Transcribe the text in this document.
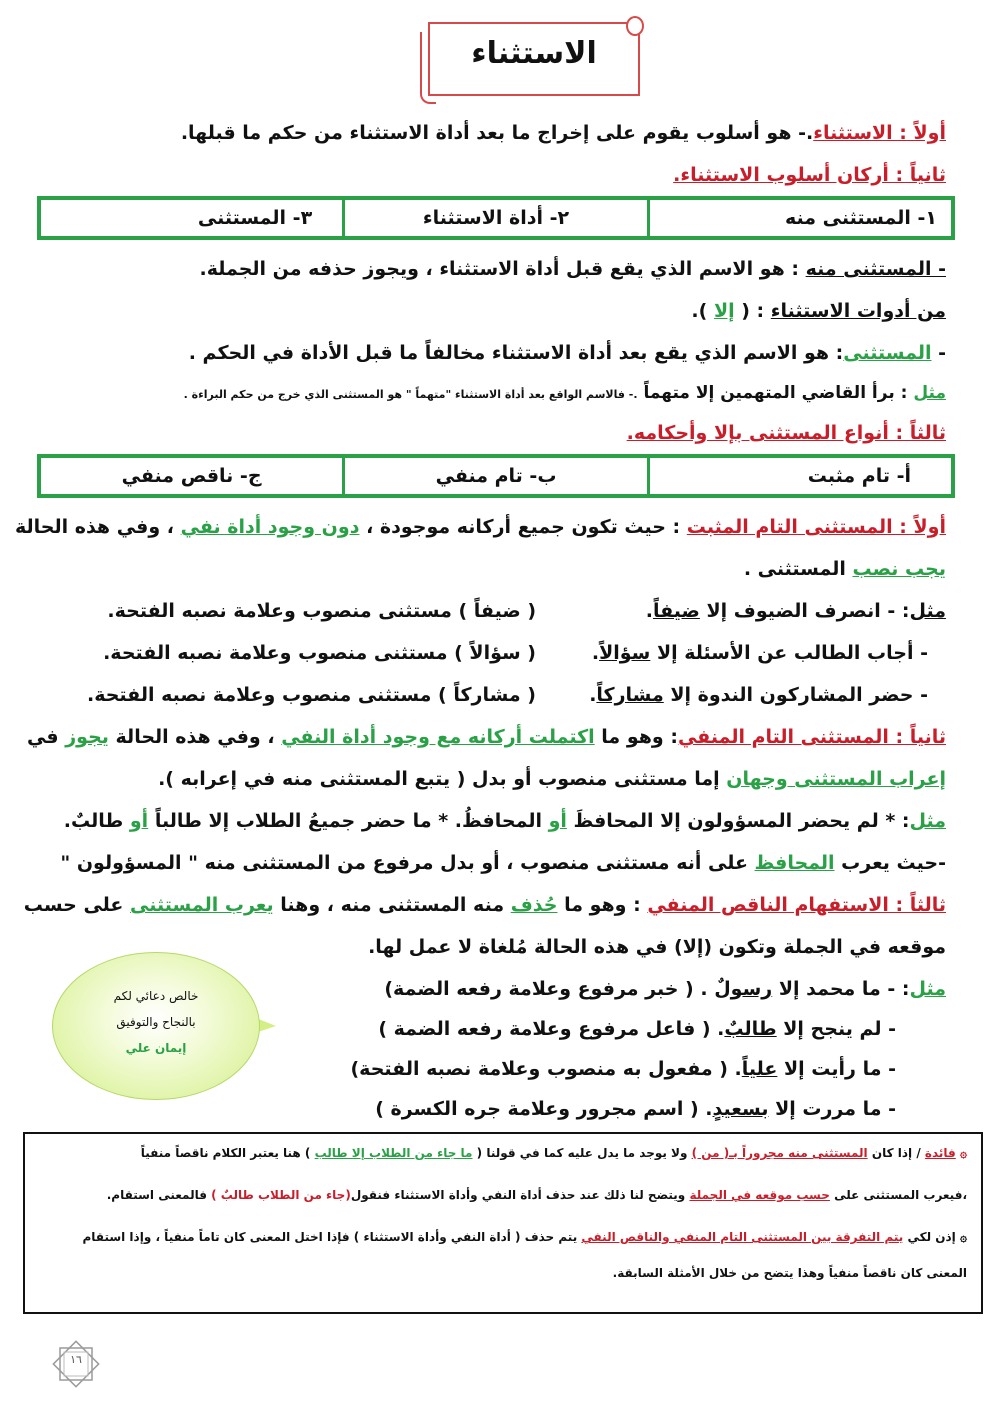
الاستثناء
أولاً : الاستثناء.- هو أسلوب يقوم على إخراج ما بعد أداة الاستثناء من حكم ما قبلها.
ثانياً : أركان أسلوب الاستثناء.
١- المستثنى منه	٢- أداة الاستثناء	٣- المستثنى
- المستثنى منه : هو الاسم الذي يقع قبل أداة الاستثناء ، ويجوز حذفه من الجملة.
من أدوات الاستثناء : ( إلا ).
- المستثنى: هو الاسم الذي يقع بعد أداة الاستثناء مخالفاً ما قبل الأداة في الحكم .
مثل : برأ القاضي المتهمين إلا متهماً .- فالاسم الواقع بعد أداة الاستثناء "متهماً " هو المستثنى الذي خرج من حكم البراءة .
ثالثاً : أنواع المستثنى بإلا وأحكامه.
أ- تام مثبت	ب- تام منفي	ج- ناقص منفي
أولاً : المستثنى التام المثبت : حيث تكون جميع أركانه موجودة ، دون وجود أداة نفي ، وفي هذه الحالة
يجب نصب المستثنى .
مثل: - انصرف الضيوف إلا ضيفاً.( ضيفاً ) مستثنى منصوب وعلامة نصبه الفتحة.
- أجاب الطالب عن الأسئلة إلا سؤالاً.( سؤالاً ) مستثنى منصوب وعلامة نصبه الفتحة.
- حضر المشاركون الندوة إلا مشاركاً.( مشاركاً ) مستثنى منصوب وعلامة نصبه الفتحة.
ثانياً : المستثنى التام المنفي: وهو ما اكتملت أركانه مع وجود أداة النفي ، وفي هذه الحالة يجوز في
إعراب المستثنى وجهان إما مستثنى منصوب أو بدل ( يتبع المستثنى منه في إعرابه ).
مثل: * لم يحضر المسؤولون إلا المحافظَ أو المحافظُ. * ما حضر جميعُ الطلاب إلا طالباً أو طالبٌ.
-حيث يعرب المحافظ على أنه مستثنى منصوب ، أو بدل مرفوع من المستثنى منه " المسؤولون "
ثالثاً : الاستفهام الناقص المنفي : وهو ما حُذف منه المستثنى منه ، وهنا يعرب المستثنى على حسب
موقعه في الجملة وتكون (إلا) في هذه الحالة مُلغاة لا عمل لها.
مثل: - ما محمد إلا رسولٌ . ( خبر مرفوع وعلامة رفعه الضمة)
- لم ينجح إلا طالبٌ. ( فاعل مرفوع وعلامة رفعه الضمة )
- ما رأيت إلا علياً. ( مفعول به منصوب وعلامة نصبه الفتحة)
- ما مررت إلا بسعيدٍ. ( اسم مجرور وعلامة جره الكسرة )
خالص دعائي لكم
بالنجاح والتوفيق
إيمان علي

۞ فائدة / إذا كان المستثنى منه مجروراً بـ( من ) ولا يوجد ما يدل عليه كما في قولنا ( ما جاء من الطلاب إلا طالب ) هنا يعتبر الكلام ناقصاً منفياً

،فيعرب المستثنى على حسب موقعه في الجملة ويتضح لنا ذلك عند حذف أداة النفي وأداة الاستثناء فنقول(جاء من الطلاب طالبٌ ) فالمعنى استقام.

۞ إذن لكي يتم التفرقة بين المستثنى التام المنفي والناقص النفي يتم حذف ( أداة النفي وأداة الاستثناء ) فإذا اختل المعنى كان تاماً منفياً ، وإذا استقام

المعنى كان ناقصاً منفياً وهذا يتضح من خلال الأمثلة السابقة.

١٦
